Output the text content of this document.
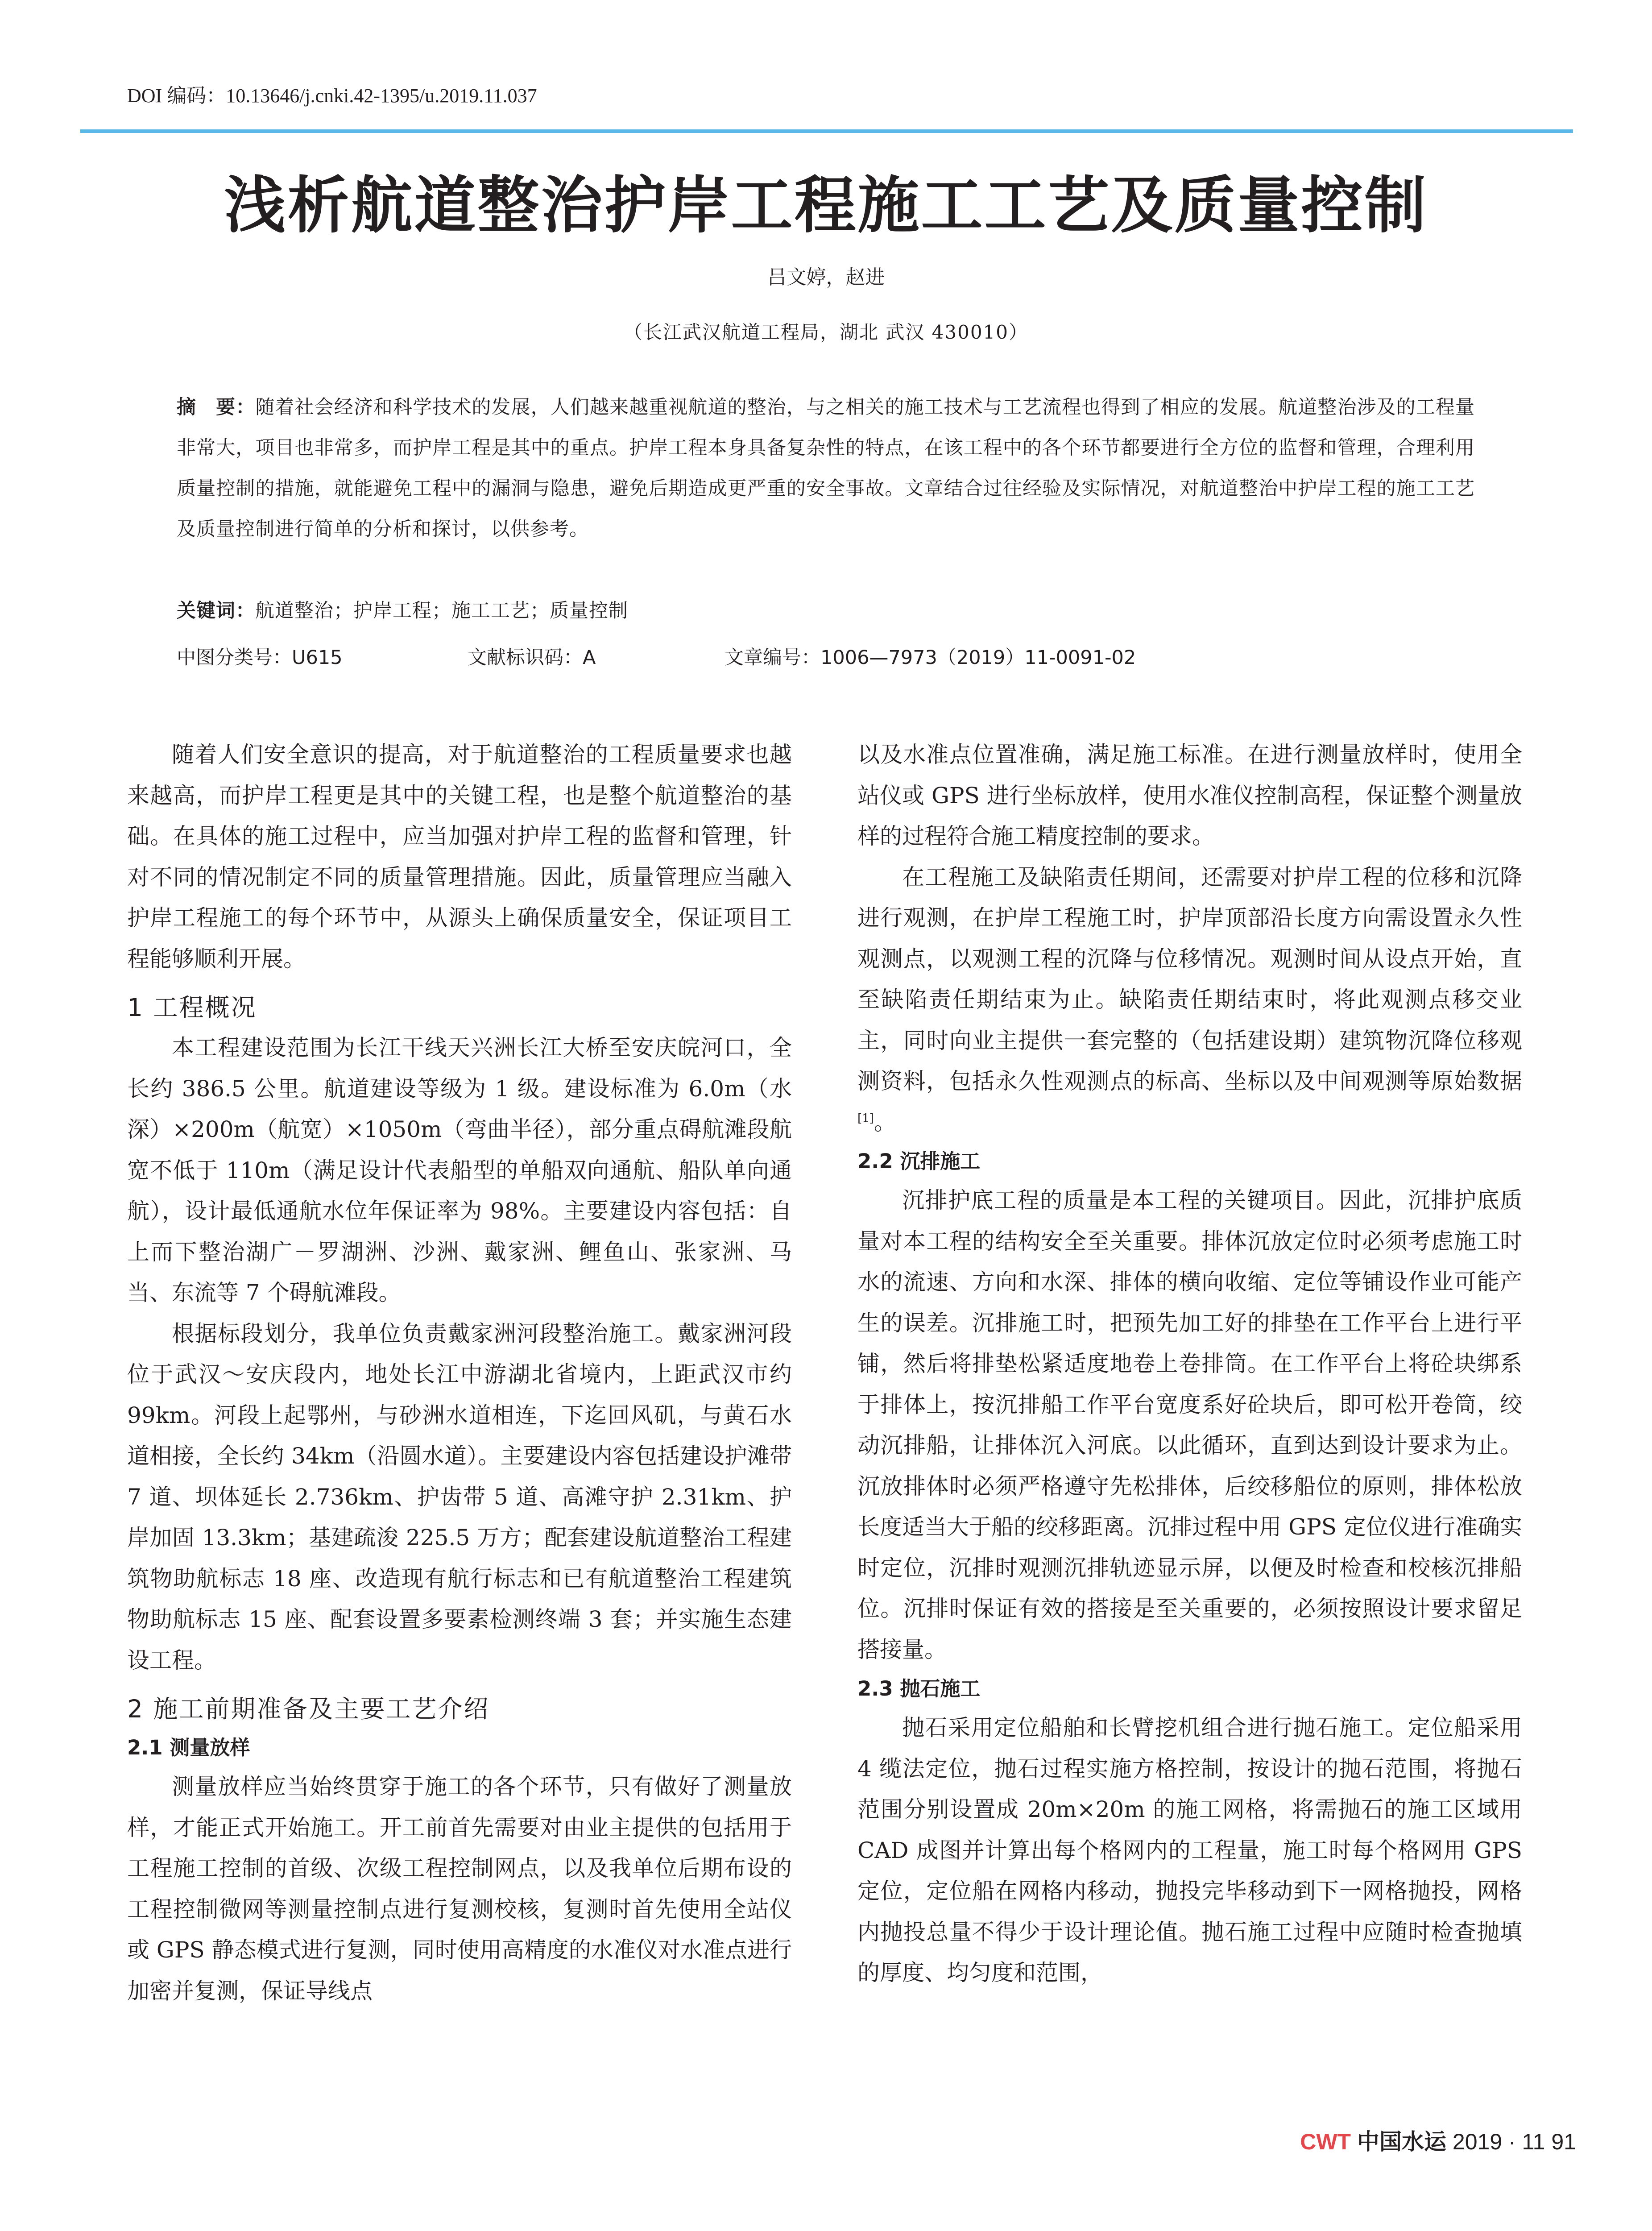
DOI 编码：10.13646/j.cnki.42-1395/u.2019.11.037
浅析航道整治护岸工程施工工艺及质量控制
吕文婷，赵进
（长江武汉航道工程局，湖北 武汉 430010）
摘　要：随着社会经济和科学技术的发展，人们越来越重视航道的整治，与之相关的施工技术与工艺流程也得到了相应的发展。航道整治涉及的工程量非常大，项目也非常多，而护岸工程是其中的重点。护岸工程本身具备复杂性的特点，在该工程中的各个环节都要进行全方位的监督和管理，合理利用质量控制的措施，就能避免工程中的漏洞与隐患，避免后期造成更严重的安全事故。文章结合过往经验及实际情况，对航道整治中护岸工程的施工工艺及质量控制进行简单的分析和探讨，以供参考。
关键词：航道整治；护岸工程；施工工艺；质量控制
中图分类号：U615	文献标识码：A	文章编号：1006—7973（2019）11-0091-02

随着人们安全意识的提高，对于航道整治的工程质量要求也越来越高，而护岸工程更是其中的关键工程，也是整个航道整治的基础。在具体的施工过程中，应当加强对护岸工程的监督和管理，针对不同的情况制定不同的质量管理措施。因此，质量管理应当融入护岸工程施工的每个环节中，从源头上确保质量安全，保证项目工程能够顺利开展。

1 工程概况

本工程建设范围为长江干线天兴洲长江大桥至安庆皖河口，全长约 386.5 公里。航道建设等级为 1 级。建设标准为 6.0m（水深）×200m（航宽）×1050m（弯曲半径），部分重点碍航滩段航宽不低于 110m（满足设计代表船型的单船双向通航、船队单向通航），设计最低通航水位年保证率为 98%。主要建设内容包括：自上而下整治湖广－罗湖洲、沙洲、戴家洲、鲤鱼山、张家洲、马当、东流等 7 个碍航滩段。

根据标段划分，我单位负责戴家洲河段整治施工。戴家洲河段位于武汉～安庆段内，地处长江中游湖北省境内，上距武汉市约 99km。河段上起鄂州，与砂洲水道相连，下迄回风矶，与黄石水道相接，全长约 34km（沿圆水道）。主要建设内容包括建设护滩带 7 道、坝体延长 2.736km、护齿带 5 道、高滩守护 2.31km、护岸加固 13.3km；基建疏浚 225.5 万方；配套建设航道整治工程建筑物助航标志 18 座、改造现有航行标志和已有航道整治工程建筑物助航标志 15 座、配套设置多要素检测终端 3 套；并实施生态建设工程。

2 施工前期准备及主要工艺介绍
2.1 测量放样

测量放样应当始终贯穿于施工的各个环节，只有做好了测量放样，才能正式开始施工。开工前首先需要对由业主提供的包括用于工程施工控制的首级、次级工程控制网点，以及我单位后期布设的工程控制微网等测量控制点进行复测校核，复测时首先使用全站仪或 GPS 静态模式进行复测，同时使用高精度的水准仪对水准点进行加密并复测，保证导线点

以及水准点位置准确，满足施工标准。在进行测量放样时，使用全站仪或 GPS 进行坐标放样，使用水准仪控制高程，保证整个测量放样的过程符合施工精度控制的要求。

在工程施工及缺陷责任期间，还需要对护岸工程的位移和沉降进行观测，在护岸工程施工时，护岸顶部沿长度方向需设置永久性观测点，以观测工程的沉降与位移情况。观测时间从设点开始，直至缺陷责任期结束为止。缺陷责任期结束时，将此观测点移交业主，同时向业主提供一套完整的（包括建设期）建筑物沉降位移观测资料，包括永久性观测点的标高、坐标以及中间观测等原始数据[1]。

2.2 沉排施工

沉排护底工程的质量是本工程的关键项目。因此，沉排护底质量对本工程的结构安全至关重要。排体沉放定位时必须考虑施工时水的流速、方向和水深、排体的横向收缩、定位等铺设作业可能产生的误差。沉排施工时，把预先加工好的排垫在工作平台上进行平铺，然后将排垫松紧适度地卷上卷排筒。在工作平台上将砼块绑系于排体上，按沉排船工作平台宽度系好砼块后，即可松开卷筒，绞动沉排船，让排体沉入河底。以此循环，直到达到设计要求为止。沉放排体时必须严格遵守先松排体，后绞移船位的原则，排体松放长度适当大于船的绞移距离。沉排过程中用 GPS 定位仪进行准确实时定位，沉排时观测沉排轨迹显示屏，以便及时检查和校核沉排船位。沉排时保证有效的搭接是至关重要的，必须按照设计要求留足搭接量。

2.3 抛石施工

抛石采用定位船舶和长臂挖机组合进行抛石施工。定位船采用 4 缆法定位，抛石过程实施方格控制，按设计的抛石范围，将抛石范围分别设置成 20m×20m 的施工网格，将需抛石的施工区域用 CAD 成图并计算出每个格网内的工程量，施工时每个格网用 GPS 定位，定位船在网格内移动，抛投完毕移动到下一网格抛投，网格内抛投总量不得少于设计理论值。抛石施工过程中应随时检查抛填的厚度、均匀度和范围，

CWT 中国水运 2019 · 11 91
